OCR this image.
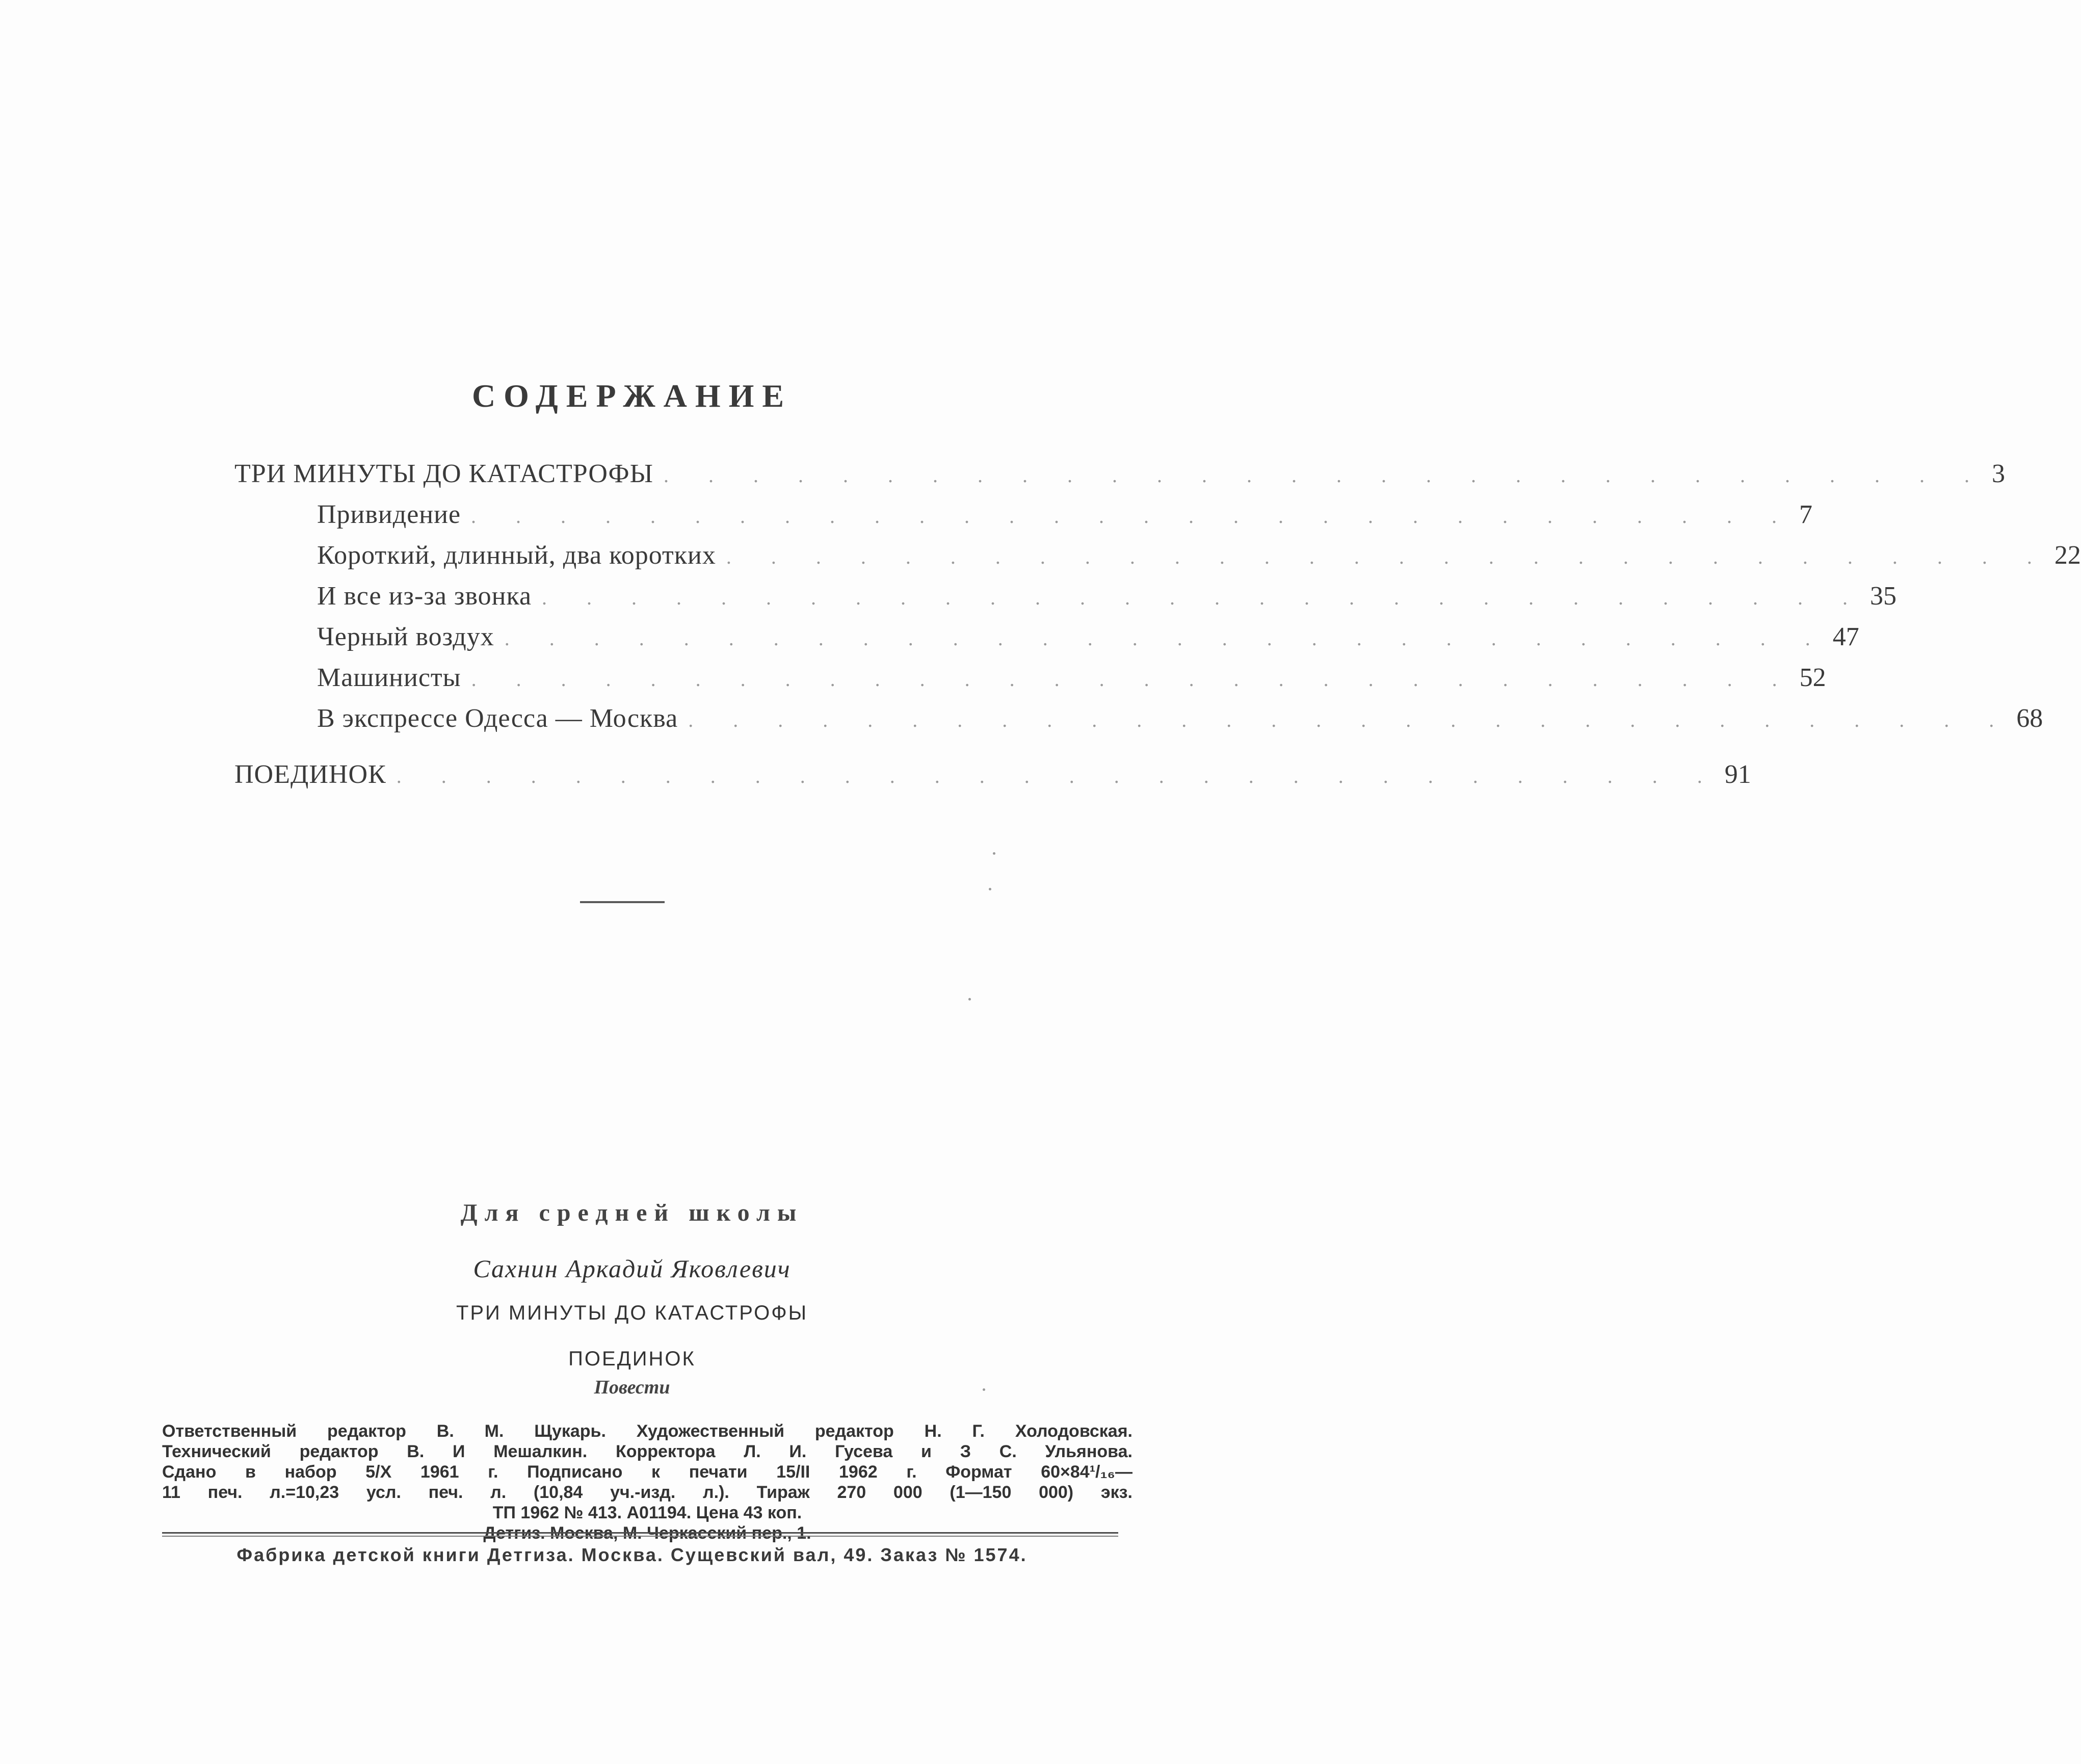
СОДЕРЖАНИЕ
ТРИ МИНУТЫ ДО КАТАСТРОФЫ . . . . . . . . . . . . . . . . . . . . . . . . . . . . . . 3
Привидение . . . . . . . . . . . . . . . . . . . . . . . . . . . . . . 7
Короткий, длинный, два коротких . . . . . . . . . . . . . . . . . . . . . . . . . . . . . . 22
И все из-за звонка . . . . . . . . . . . . . . . . . . . . . . . . . . . . . . 35
Черный воздух . . . . . . . . . . . . . . . . . . . . . . . . . . . . . . 47
Машинисты . . . . . . . . . . . . . . . . . . . . . . . . . . . . . . 52
В экспрессе Одесса — Москва . . . . . . . . . . . . . . . . . . . . . . . . . . . . . . 68
ПОЕДИНОК . . . . . . . . . . . . . . . . . . . . . . . . . . . . . . 91
Для средней школы
Сахнин Аркадий Яковлевич
ТРИ МИНУТЫ ДО КАТАСТРОФЫ
ПОЕДИНОК
Повести
Ответственный редактор В. М. Щукарь. Художественный редактор Н. Г. Холодовская.
Технический редактор В. И Мешалкин. Корректора Л. И. Гусева и З С. Ульянова.
Сдано в набор 5/X 1961 г. Подписано к печати 15/II 1962 г. Формат 60×84¹/₁₆—
11 печ. л.=10,23 усл. печ. л. (10,84 уч.-изд. л.). Тираж 270 000 (1—150 000) экз.
ТП 1962 № 413. А01194. Цена 43 коп.
Фабрика детской книги Детгиза. Москва. Сущевский вал, 49. Заказ № 1574.
